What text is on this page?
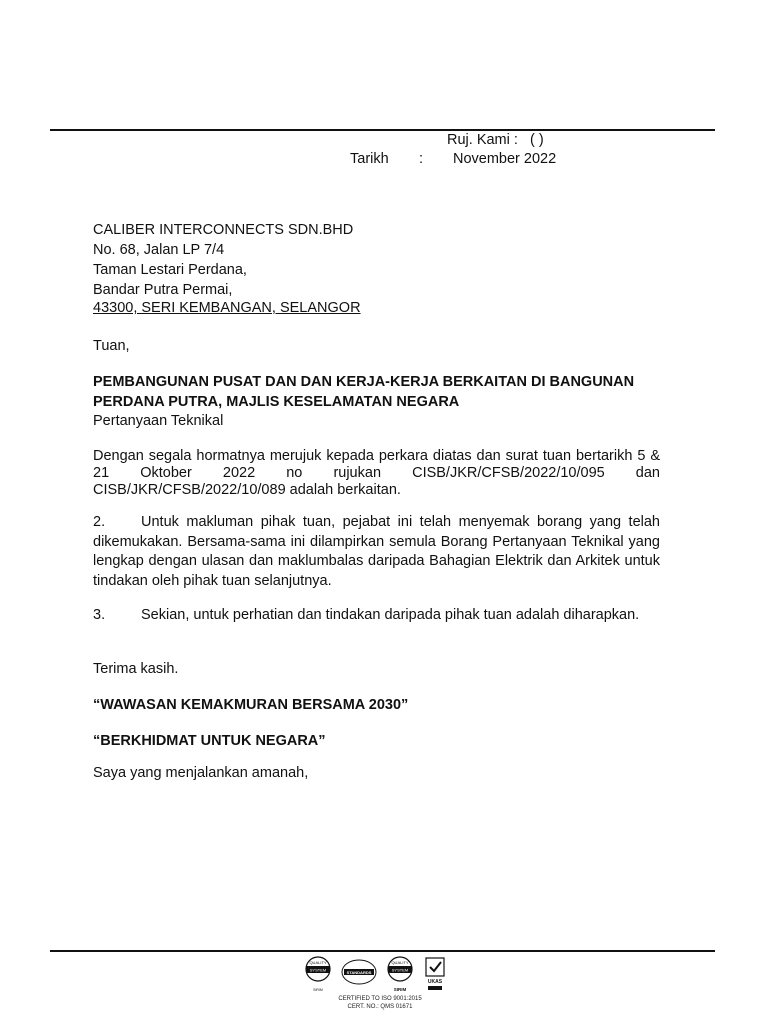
Ruj. Kami : ( )
Tarikh : November 2022
CALIBER INTERCONNECTS SDN.BHD
No. 68, Jalan LP 7/4
Taman Lestari Perdana,
Bandar Putra Permai,
43300, SERI KEMBANGAN, SELANGOR
Tuan,
PEMBANGUNAN PUSAT DAN DAN KERJA-KERJA BERKAITAN DI BANGUNAN
PERDANA PUTRA, MAJLIS KESELAMATAN NEGARA
Pertanyaan Teknikal

Dengan segala hormatnya merujuk kepada perkara diatas dan surat tuan bertarikh 5 & 21 Oktober 2022 no rujukan CISB/JKR/CFSB/2022/10/095 dan CISB/JKR/CFSB/2022/10/089 adalah berkaitan.

2. Untuk makluman pihak tuan, pejabat ini telah menyemak borang yang telah dikemukakan. Bersama-sama ini dilampirkan semula Borang Pertanyaan Teknikal yang lengkap dengan ulasan dan maklumbalas daripada Bahagian Elektrik dan Arkitek untuk tindakan oleh pihak tuan selanjutnya.

3. Sekian, untuk perhatian dan tindakan daripada pihak tuan adalah diharapkan.

Terima kasih.
“WAWASAN KEMAKMURAN BERSAMA 2030”
“BERKHIDMAT UNTUK NEGARA”
Saya yang menjalankan amanah,
QUALITY
SYSTEM
SIRIM
STANDARDS
QUALITY
SYSTEM
SIRIM
UKAS
CERTIFIED TO ISO 9001:2015
CERT. NO.: QMS 01671
